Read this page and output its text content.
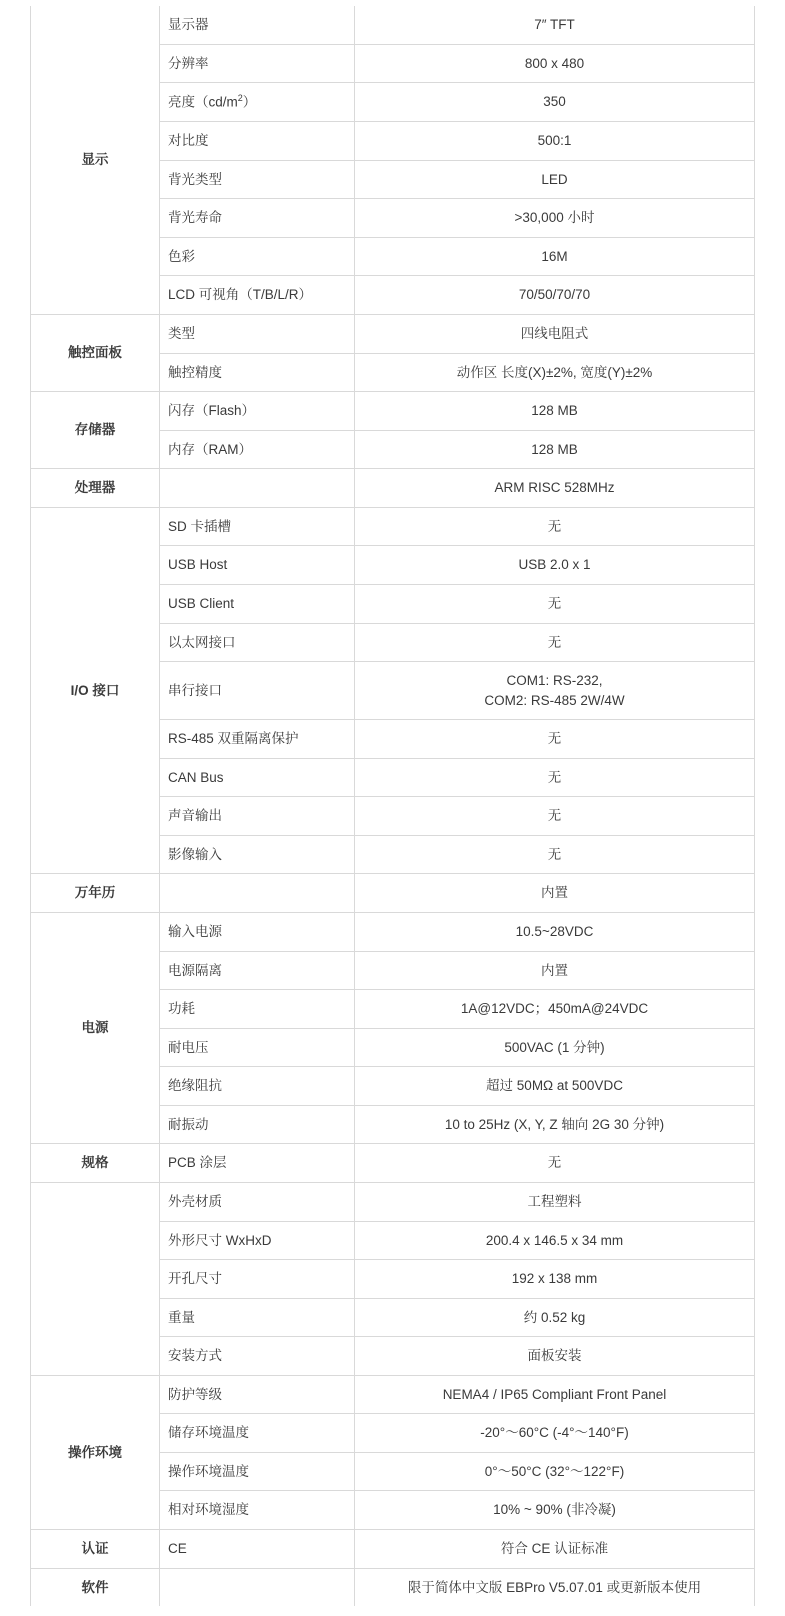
显示	显示器	7″ TFT
	分辨率	800 x 480
	亮度$(cd/m^2)$	350
	对比度	500:1
	背光类型	LED
	背光寿命	>30,000 小时
	色彩	16M
	LCD 可视角（T/B/L/R）	70/50/70/70
触控面板	类型	四线电阻式
	触控精度	动作区 长度(X)±2%, 宽度(Y)±2%
存储器	闪存（Flash）	128 MB
	内存（RAM）	128 MB
处理器		ARM RISC 528MHz
I/O 接口	SD 卡插槽	无
	USB Host	USB 2.0 x 1
	USB Client	无
	以太网接口	无
	串行接口	COM1: RS-232,
COM2: RS-485 2W/4W

	RS-485 双重隔离保护	无
	CAN Bus	无
	声音输出	无
	影像输入	无
万年历		内置
电源	输入电源	10.5~28VDC
	电源隔离	内置
	功耗	1A@12VDC；450mA@24VDC
	耐电压	500VAC (1 分钟)
	绝缘阻抗	超过 50MΩ at 500VDC
	耐振动	10 to 25Hz (X, Y, Z 轴向 2G 30 分钟)
规格	PCB 涂层	无
	外壳材质	工程塑料
	外形尺寸 WxHxD	200.4 x 146.5 x 34 mm
	开孔尺寸	192 x 138 mm
	重量	约 0.52 kg
	安装方式	面板安装
操作环境	防护等级	NEMA4 / IP65 Compliant Front Panel
	储存环境温度	-20°～60°C (-4°～140°F)
	操作环境温度	0°～50°C (32°～122°F)
	相对环境湿度	10% ~ 90% (非冷凝)
认证	CE	符合 CE 认证标准
软件		限于简体中文版 EBPro V5.07.01 或更新版本使用
